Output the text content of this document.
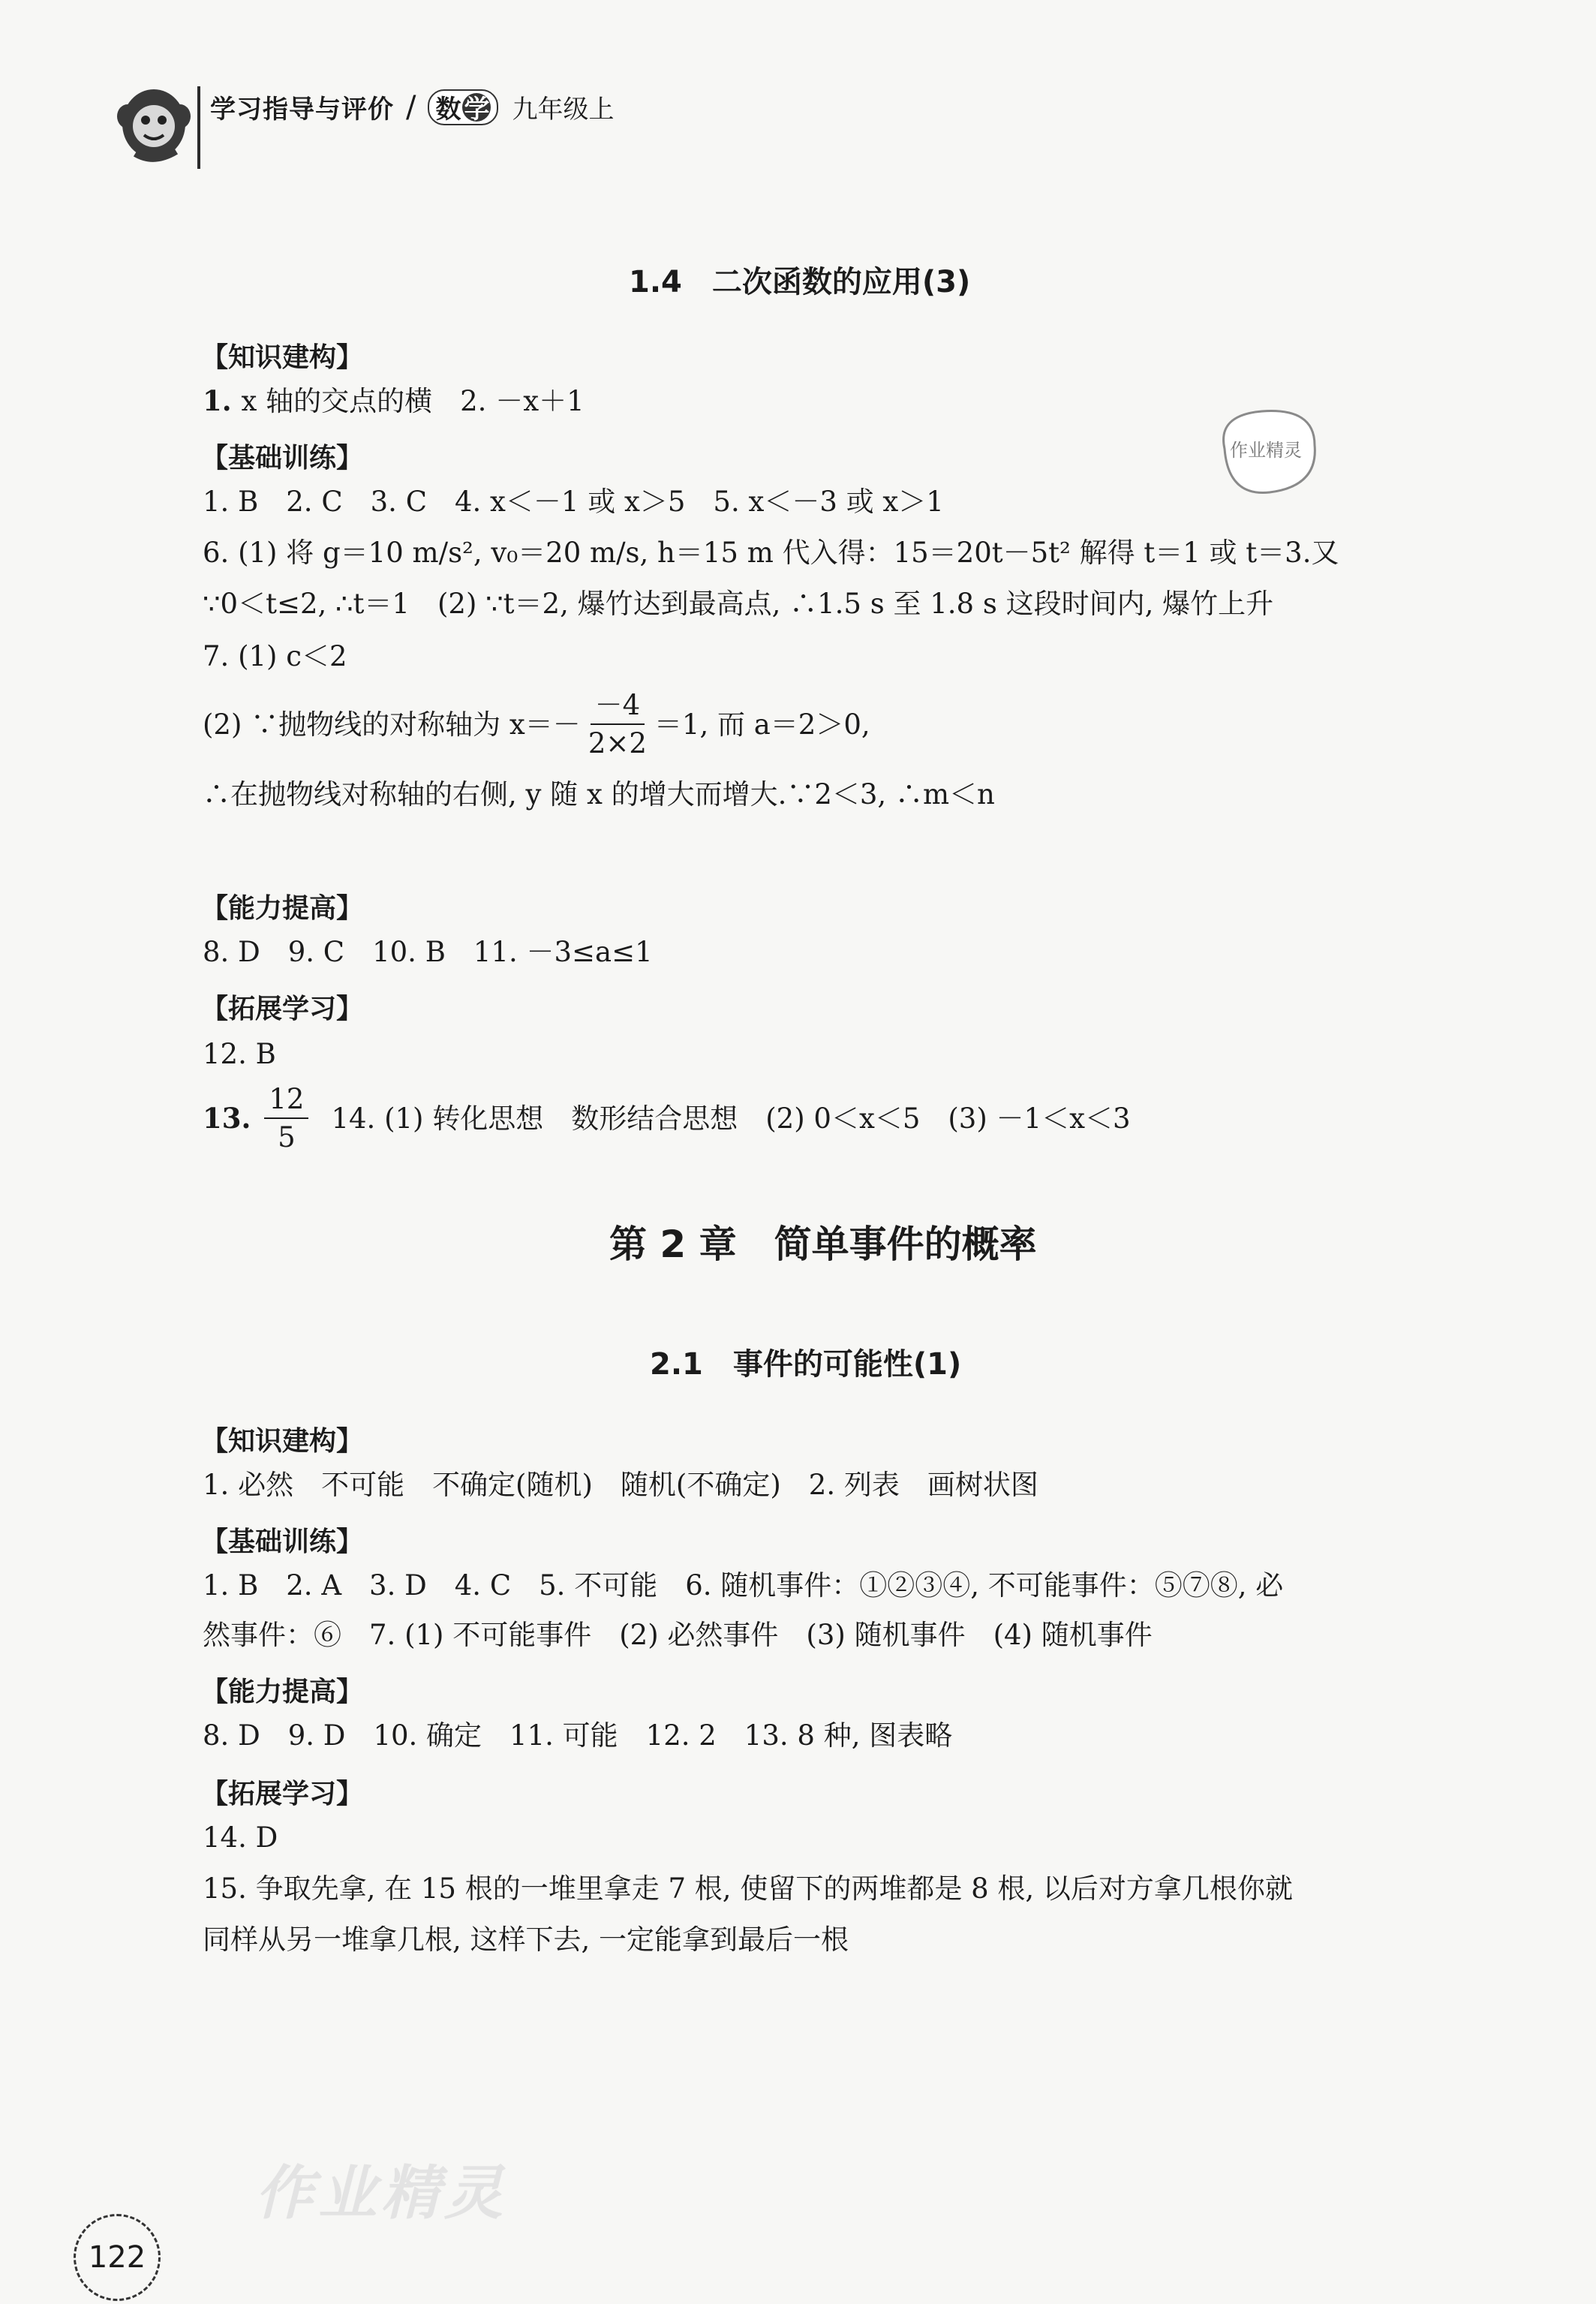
学习指导与评价 / 数 学 九年级上
1.4　二次函数的应用(3)
【知识建构】
1. x 轴的交点的横　2. －x＋1
【基础训练】
1. B　2. C　3. C　4. x＜－1 或 x＞5　5. x＜－3 或 x＞1
6. (1) 将 g＝10 m/s², v₀＝20 m/s, h＝15 m 代入得：15＝20t－5t² 解得 t＝1 或 t＝3.又
∵0＜t≤2, ∴t＝1　(2) ∵t＝2, 爆竹达到最高点, ∴1.5 s 至 1.8 s 这段时间内, 爆竹上升
7. (1) c＜2
(2) ∵抛物线的对称轴为 $x=- \frac{-4}{2\times 2} =1$, 而 a＝2＞0,
∴在抛物线对称轴的右侧, y 随 x 的增大而增大.∵2＜3, ∴m＜n
【能力提高】
8. D　9. C　10. B　11. －3≤a≤1
【拓展学习】
12. B
13. $\frac{12}{5} 14$. (1) 转化思想　数形结合思想　(2) 0＜x＜5　(3) －1＜x＜3
第 2 章　简单事件的概率
2.1　事件的可能性(1)
【知识建构】
1. 必然　不可能　不确定(随机)　随机(不确定)　2. 列表　画树状图
【基础训练】
1. B　2. A　3. D　4. C　5. 不可能　6. 随机事件：①②③④, 不可能事件：⑤⑦⑧, 必
然事件：⑥　7. (1) 不可能事件　(2) 必然事件　(3) 随机事件　(4) 随机事件
【能力提高】
8. D　9. D　10. 确定　11. 可能　12. 2　13. 8 种, 图表略
【拓展学习】
14. D
15. 争取先拿, 在 15 根的一堆里拿走 7 根, 使留下的两堆都是 8 根, 以后对方拿几根你就
同样从另一堆拿几根, 这样下去, 一定能拿到最后一根
作业精灵
作业精灵
122
